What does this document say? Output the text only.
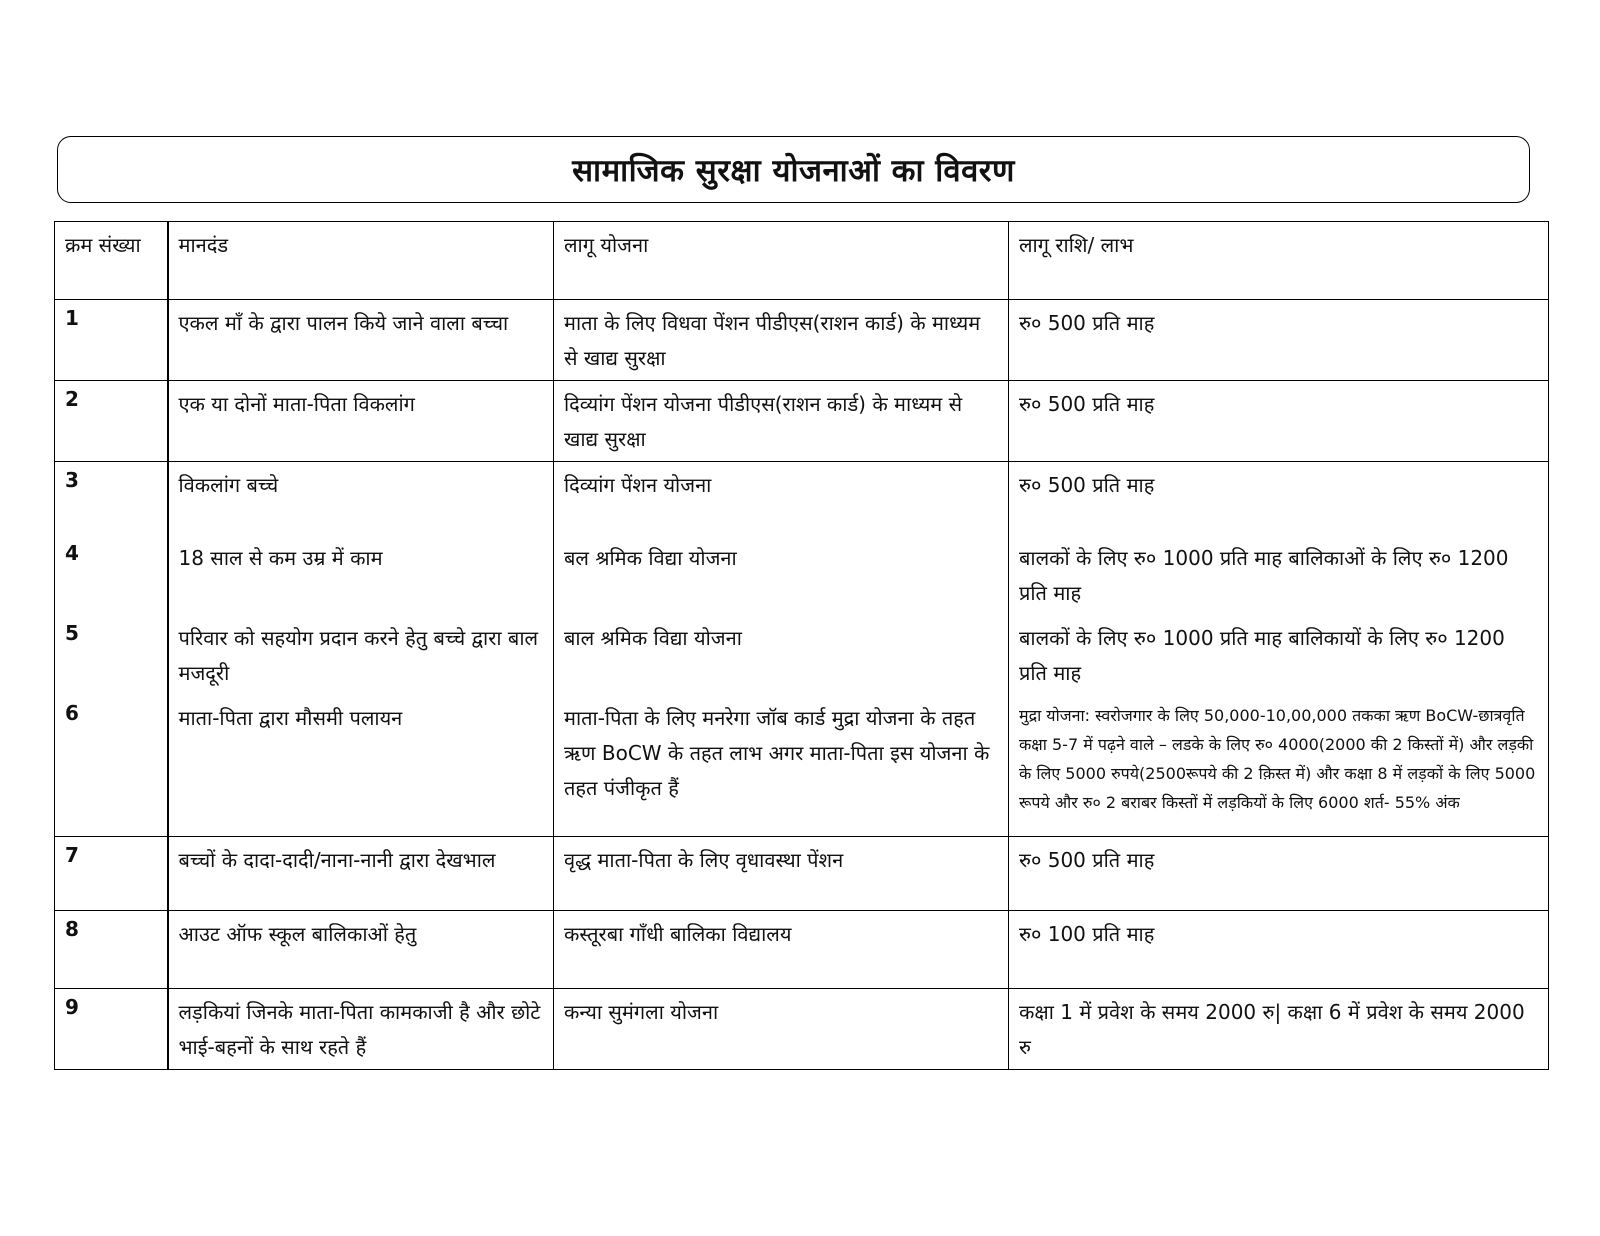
सामाजिक सुरक्षा योजनाओं का विवरण
क्रम संख्या	मानदंड	लागू योजना	लागू राशि/ लाभ
1	एकल माँ के द्वारा पालन किये जाने वाला बच्चा	माता के लिए विधवा पेंशन पीडीएस(राशन कार्ड) के माध्यम से खाद्य सुरक्षा	रु० 500 प्रति माह
2	एक या दोनों माता-पिता विकलांग	दिव्यांग पेंशन योजना पीडीएस(राशन कार्ड) के माध्यम से खाद्य सुरक्षा	रु० 500 प्रति माह
3	विकलांग बच्चे	दिव्यांग पेंशन योजना	रु० 500 प्रति माह
4	18 साल से कम उम्र में काम	बल श्रमिक विद्या योजना	बालकों के लिए रु० 1000 प्रति माह बालिकाओं के लिए रु० 1200 प्रति माह
5	परिवार को सहयोग प्रदान करने हेतु बच्चे द्वारा बाल मजदूरी	बाल श्रमिक विद्या योजना	बालकों के लिए रु० 1000 प्रति माह बालिकायों के लिए रु० 1200 प्रति माह
6	माता-पिता द्वारा मौसमी पलायन	माता-पिता के लिए मनरेगा जॉब कार्ड मुद्रा योजना के तहत ऋण BoCW के तहत लाभ अगर माता-पिता इस योजना के तहत पंजीकृत हैं	मुद्रा योजना: स्वरोजगार के लिए 50,000-10,00,000 तकका ऋण BoCW-छात्रवृति कक्षा 5-7 में पढ़ने वाले – लडके के लिए रु० 4000(2000 की 2 किस्तों में) और लड़की के लिए 5000 रुपये(2500रूपये की 2 क़िस्त में) और कक्षा 8 में लड़कों के लिए 5000 रूपये और रु० 2 बराबर किस्तों में लड़कियों के लिए 6000 शर्त- 55% अंक
7	बच्चों के दादा-दादी/नाना-नानी द्वारा देखभाल	वृद्ध माता-पिता के लिए वृधावस्था पेंशन	रु० 500 प्रति माह
8	आउट ऑफ स्कूल बालिकाओं हेतु	कस्तूरबा गाँधी बालिका विद्यालय	रु० 100 प्रति माह
9	लड़कियां जिनके माता-पिता कामकाजी है और छोटे भाई-बहनों के साथ रहते हैं	कन्या सुमंगला योजना	कक्षा 1 में प्रवेश के समय 2000 रु| कक्षा 6 में प्रवेश के समय 2000 रु
